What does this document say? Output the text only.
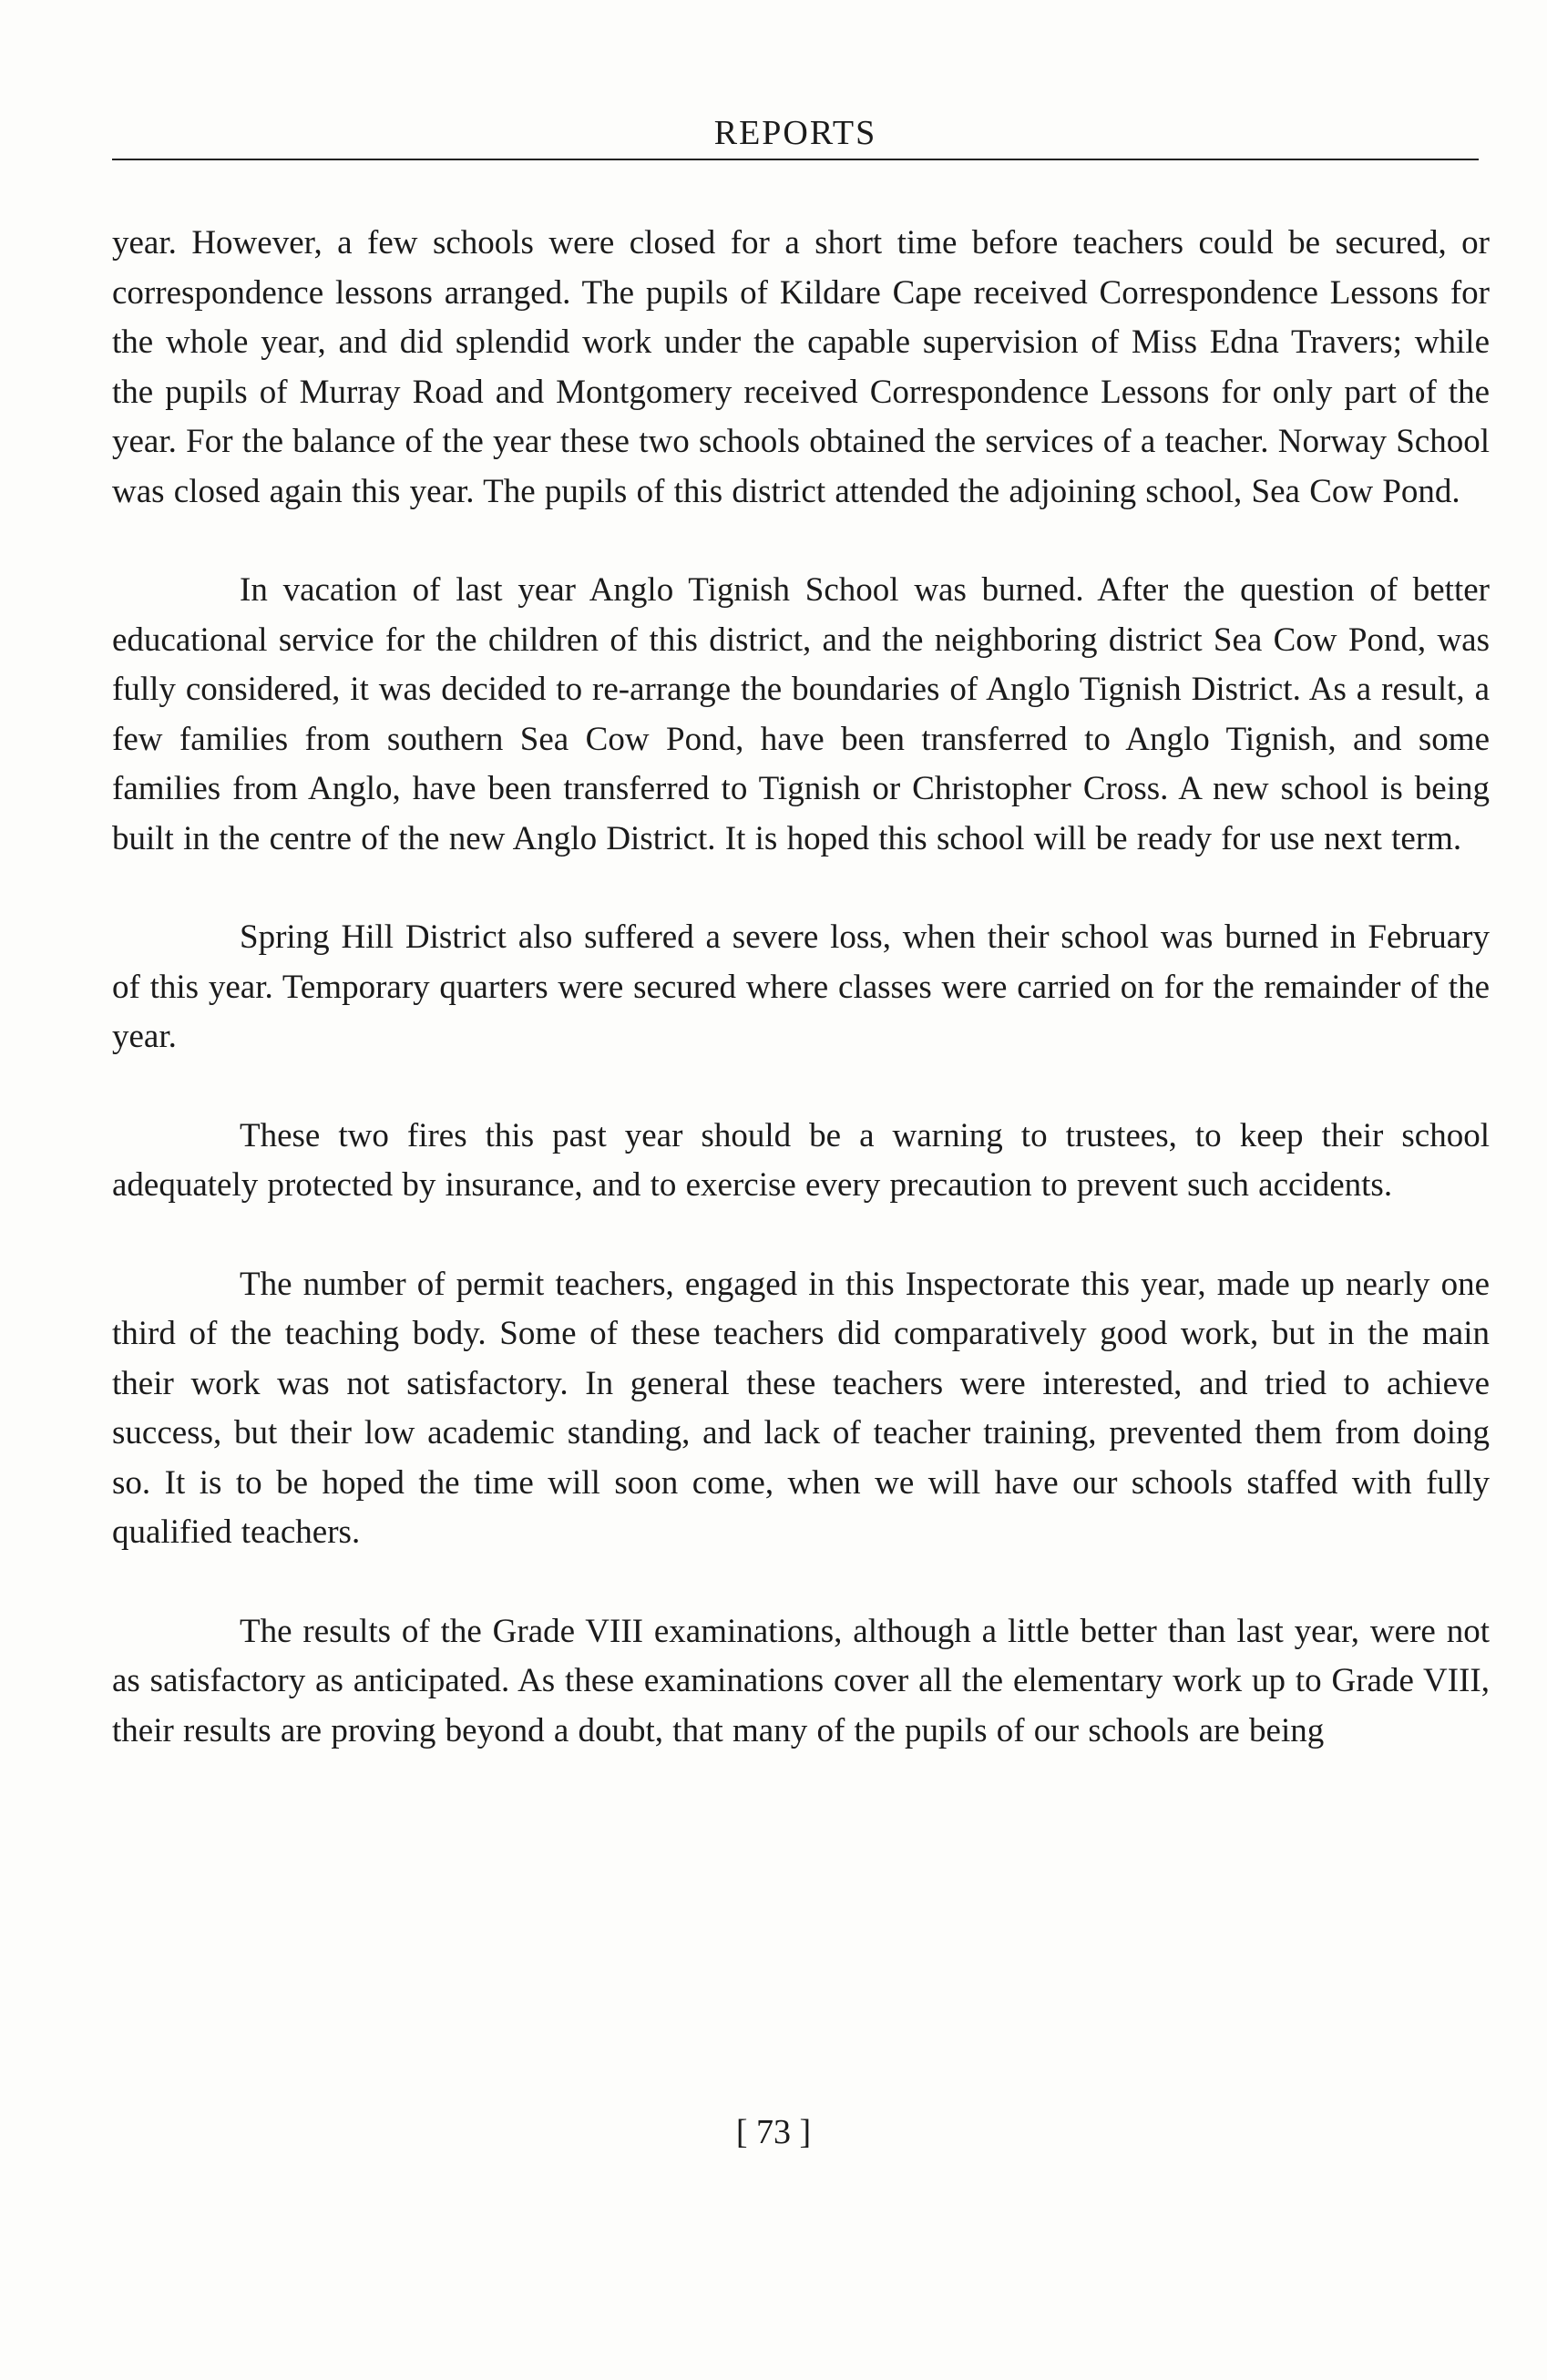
REPORTS

year. However, a few schools were closed for a short time before teachers could be secured, or correspondence lessons arranged. The pupils of Kildare Cape received Correspondence Lessons for the whole year, and did splendid work under the capable supervision of Miss Edna Travers; while the pupils of Murray Road and Montgomery received Correspondence Lessons for only part of the year. For the balance of the year these two schools obtained the services of a teacher. Norway School was closed again this year. The pupils of this district attended the adjoining school, Sea Cow Pond.

In vacation of last year Anglo Tignish School was burned. After the question of better educational service for the children of this district, and the neighboring district Sea Cow Pond, was fully considered, it was decided to re-arrange the boundaries of Anglo Tignish District. As a result, a few families from southern Sea Cow Pond, have been transferred to Anglo Tignish, and some families from Anglo, have been transferred to Tignish or Christopher Cross. A new school is being built in the centre of the new Anglo District. It is hoped this school will be ready for use next term.

Spring Hill District also suffered a severe loss, when their school was burned in February of this year. Temporary quarters were secured where classes were carried on for the remainder of the year.

These two fires this past year should be a warning to trustees, to keep their school adequately protected by insurance, and to exercise every precaution to prevent such accidents.

The number of permit teachers, engaged in this Inspectorate this year, made up nearly one third of the teaching body. Some of these teachers did comparatively good work, but in the main their work was not satisfactory. In general these teachers were interested, and tried to achieve success, but their low academic standing, and lack of teacher training, prevented them from doing so. It is to be hoped the time will soon come, when we will have our schools staffed with fully qualified teachers.

The results of the Grade VIII examinations, although a little better than last year, were not as satisfactory as anticipated. As these examinations cover all the elementary work up to Grade VIII, their results are proving beyond a doubt, that many of the pupils of our schools are being

[ 73 ]
